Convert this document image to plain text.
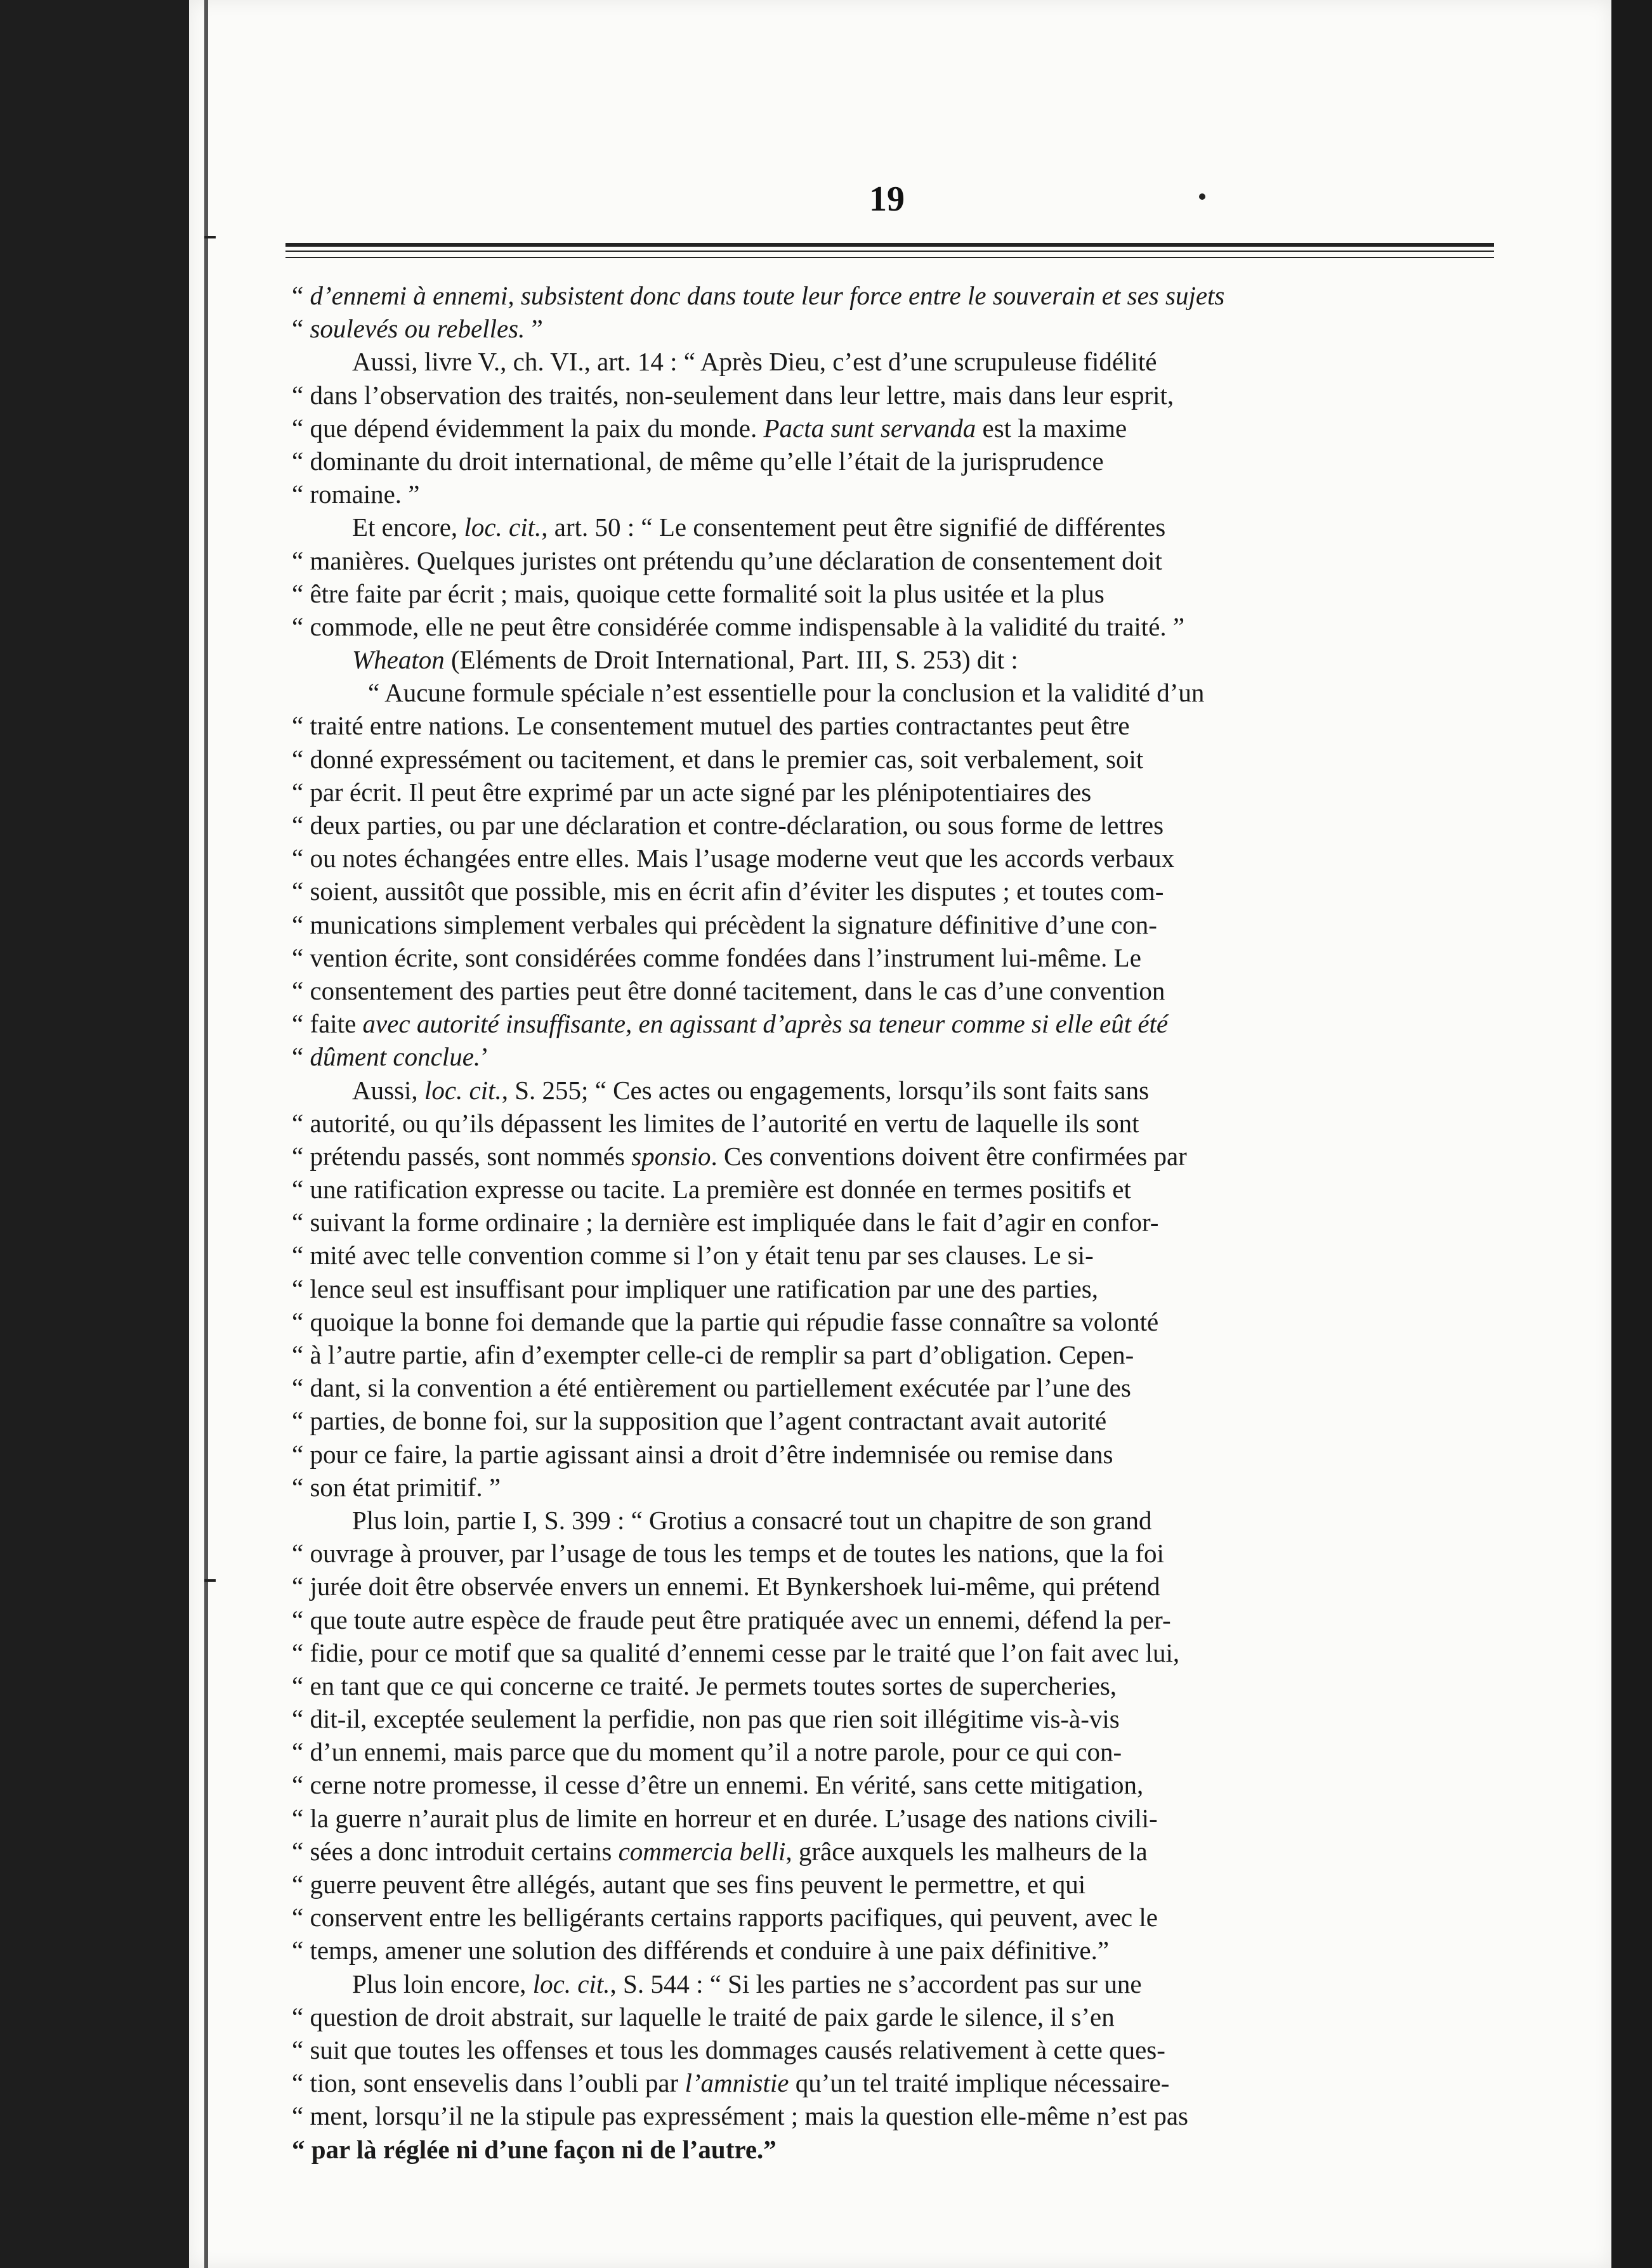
19
“ d’ennemi à ennemi, subsistent donc dans toute leur force entre le souverain et ses sujets
“ soulevés ou rebelles. ”
Aussi, livre V., ch. VI., art. 14 : “ Après Dieu, c’est d’une scrupuleuse fidélité
“ dans l’observation des traités, non-seulement dans leur lettre, mais dans leur esprit,
“ que dépend évidemment la paix du monde. Pacta sunt servanda est la maxime
“ dominante du droit international, de même qu’elle l’était de la jurisprudence
“ romaine. ”
Et encore, loc. cit., art. 50 : “ Le consentement peut être signifié de différentes
“ manières. Quelques juristes ont prétendu qu’une déclaration de consentement doit
“ être faite par écrit ; mais, quoique cette formalité soit la plus usitée et la plus
“ commode, elle ne peut être considérée comme indispensable à la validité du traité. ”
Wheaton (Eléments de Droit International, Part. III, S. 253) dit :
“ Aucune formule spéciale n’est essentielle pour la conclusion et la validité d’un
“ traité entre nations. Le consentement mutuel des parties contractantes peut être
“ donné expressément ou tacitement, et dans le premier cas, soit verbalement, soit
“ par écrit. Il peut être exprimé par un acte signé par les plénipotentiaires des
“ deux parties, ou par une déclaration et contre-déclaration, ou sous forme de lettres
“ ou notes échangées entre elles. Mais l’usage moderne veut que les accords verbaux
“ soient, aussitôt que possible, mis en écrit afin d’éviter les disputes ; et toutes com-
“ munications simplement verbales qui précèdent la signature définitive d’une con-
“ vention écrite, sont considérées comme fondées dans l’instrument lui-même. Le
“ consentement des parties peut être donné tacitement, dans le cas d’une convention
“ faite avec autorité insuffisante, en agissant d’après sa teneur comme si elle eût été
“ dûment conclue.’
Aussi, loc. cit., S. 255; “ Ces actes ou engagements, lorsqu’ils sont faits sans
“ autorité, ou qu’ils dépassent les limites de l’autorité en vertu de laquelle ils sont
“ prétendu passés, sont nommés sponsio. Ces conventions doivent être confirmées par
“ une ratification expresse ou tacite. La première est donnée en termes positifs et
“ suivant la forme ordinaire ; la dernière est impliquée dans le fait d’agir en confor-
“ mité avec telle convention comme si l’on y était tenu par ses clauses. Le si-
“ lence seul est insuffisant pour impliquer une ratification par une des parties,
“ quoique la bonne foi demande que la partie qui répudie fasse connaître sa volonté
“ à l’autre partie, afin d’exempter celle-ci de remplir sa part d’obligation. Cepen-
“ dant, si la convention a été entièrement ou partiellement exécutée par l’une des
“ parties, de bonne foi, sur la supposition que l’agent contractant avait autorité
“ pour ce faire, la partie agissant ainsi a droit d’être indemnisée ou remise dans
“ son état primitif. ”
Plus loin, partie I, S. 399 : “ Grotius a consacré tout un chapitre de son grand
“ ouvrage à prouver, par l’usage de tous les temps et de toutes les nations, que la foi
“ jurée doit être observée envers un ennemi. Et Bynkershoek lui-même, qui prétend
“ que toute autre espèce de fraude peut être pratiquée avec un ennemi, défend la per-
“ fidie, pour ce motif que sa qualité d’ennemi cesse par le traité que l’on fait avec lui,
“ en tant que ce qui concerne ce traité. Je permets toutes sortes de supercheries,
“ dit-il, exceptée seulement la perfidie, non pas que rien soit illégitime vis-à-vis
“ d’un ennemi, mais parce que du moment qu’il a notre parole, pour ce qui con-
“ cerne notre promesse, il cesse d’être un ennemi. En vérité, sans cette mitigation,
“ la guerre n’aurait plus de limite en horreur et en durée. L’usage des nations civili-
“ sées a donc introduit certains commercia belli, grâce auxquels les malheurs de la
“ guerre peuvent être allégés, autant que ses fins peuvent le permettre, et qui
“ conservent entre les belligérants certains rapports pacifiques, qui peuvent, avec le
“ temps, amener une solution des différends et conduire à une paix définitive.”
Plus loin encore, loc. cit., S. 544 : “ Si les parties ne s’accordent pas sur une
“ question de droit abstrait, sur laquelle le traité de paix garde le silence, il s’en
“ suit que toutes les offenses et tous les dommages causés relativement à cette ques-
“ tion, sont ensevelis dans l’oubli par l’amnistie qu’un tel traité implique nécessaire-
“ ment, lorsqu’il ne la stipule pas expressément ; mais la question elle-même n’est pas
“ par là réglée ni d’une façon ni de l’autre.”
